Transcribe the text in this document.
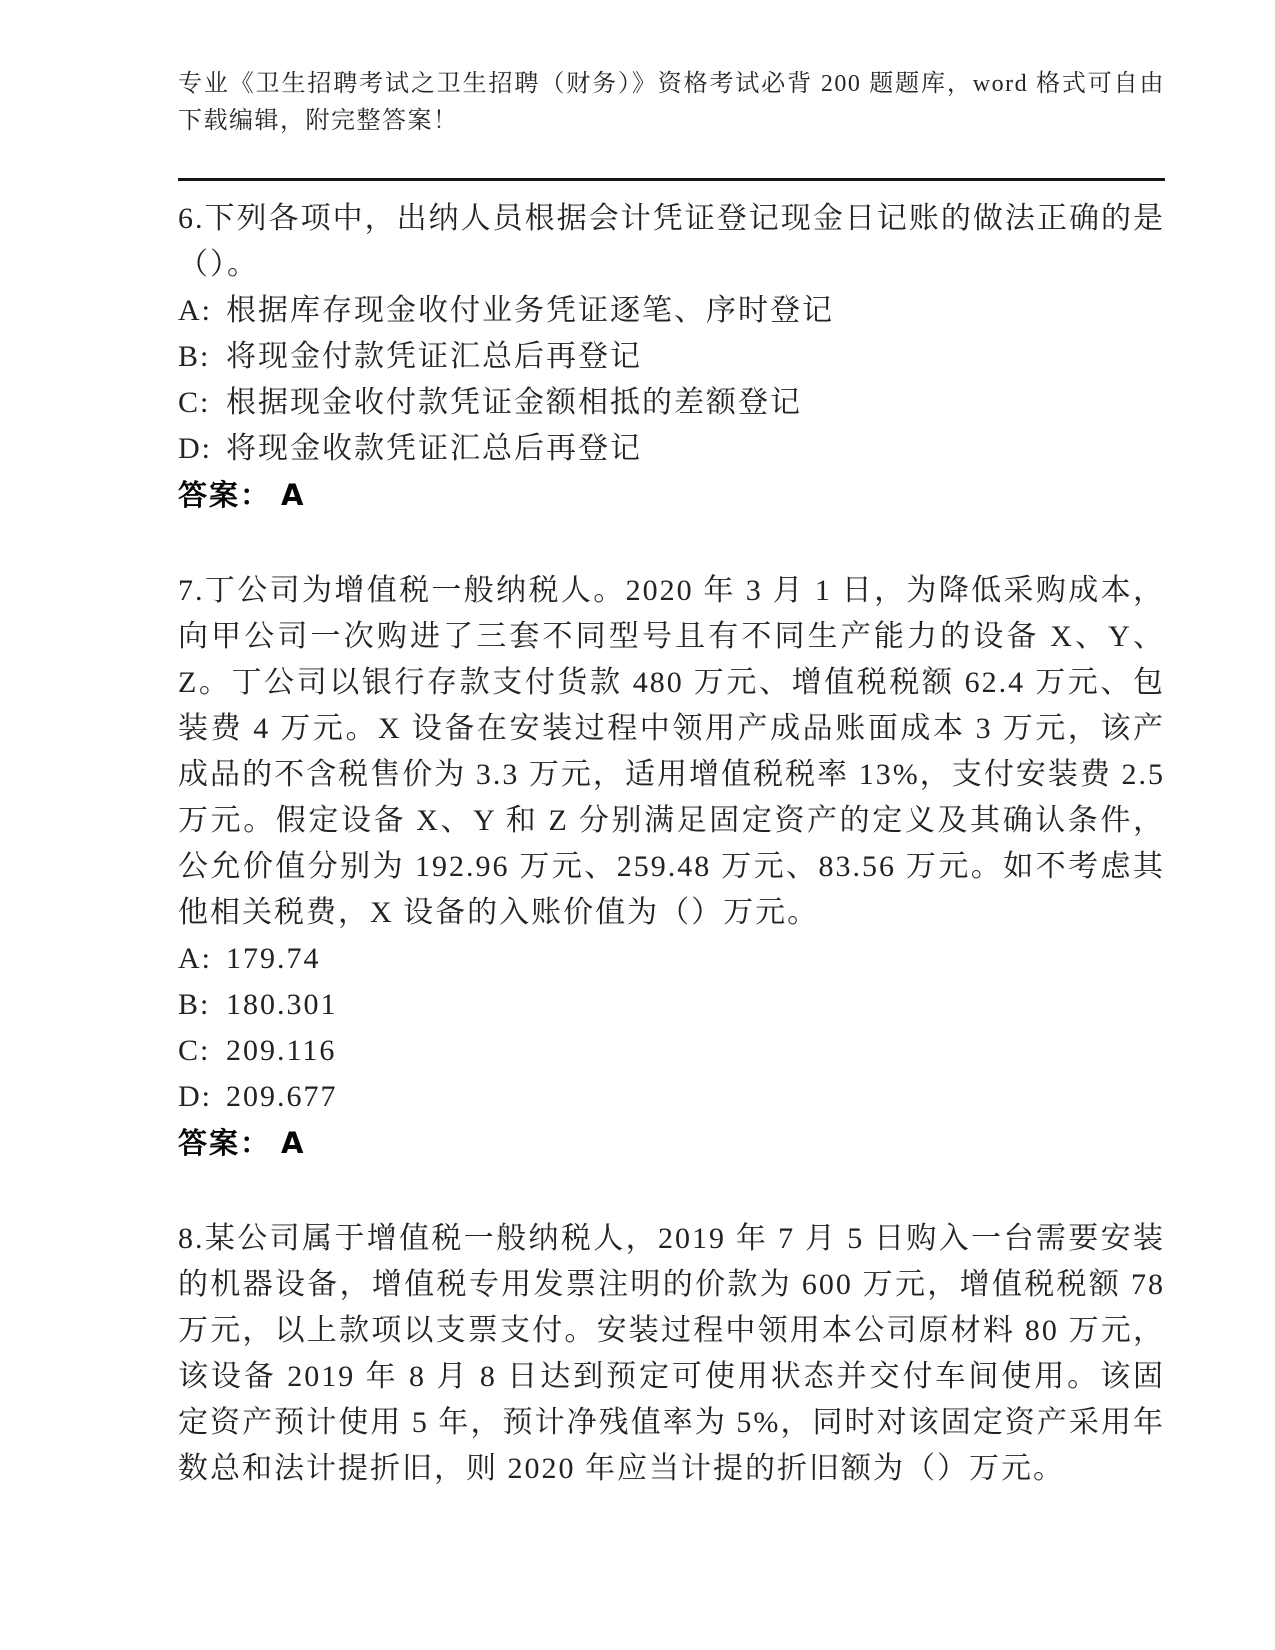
专业《卫生招聘考试之卫生招聘（财务）》资格考试必背 200 题题库，word 格式可自由下载编辑，附完整答案！

6.下列各项中，出纳人员根据会计凭证登记现金日记账的做法正确的是（）。

A: 根据库存现金收付业务凭证逐笔、序时登记

B: 将现金付款凭证汇总后再登记

C: 根据现金收付款凭证金额相抵的差额登记

D: 将现金收款凭证汇总后再登记

答案： A

7.丁公司为增值税一般纳税人。2020 年 3 月 1 日，为降低采购成本，向甲公司一次购进了三套不同型号且有不同生产能力的设备 X、Y、Z。丁公司以银行存款支付货款 480 万元、增值税税额 62.4 万元、包装费 4 万元。X 设备在安装过程中领用产成品账面成本 3 万元，该产成品的不含税售价为 3.3 万元，适用增值税税率 13%，支付安装费 2.5 万元。假定设备 X、Y 和 Z 分别满足固定资产的定义及其确认条件，公允价值分别为 192.96 万元、259.48 万元、83.56 万元。如不考虑其他相关税费，X 设备的入账价值为（）万元。

A: 179.74

B: 180.301

C: 209.116

D: 209.677

答案： A

8.某公司属于增值税一般纳税人，2019 年 7 月 5 日购入一台需要安装的机器设备，增值税专用发票注明的价款为 600 万元，增值税税额 78 万元，以上款项以支票支付。安装过程中领用本公司原材料 80 万元，该设备 2019 年 8 月 8 日达到预定可使用状态并交付车间使用。该固定资产预计使用 5 年，预计净残值率为 5%，同时对该固定资产采用年数总和法计提折旧，则 2020 年应当计提的折旧额为（）万元。
